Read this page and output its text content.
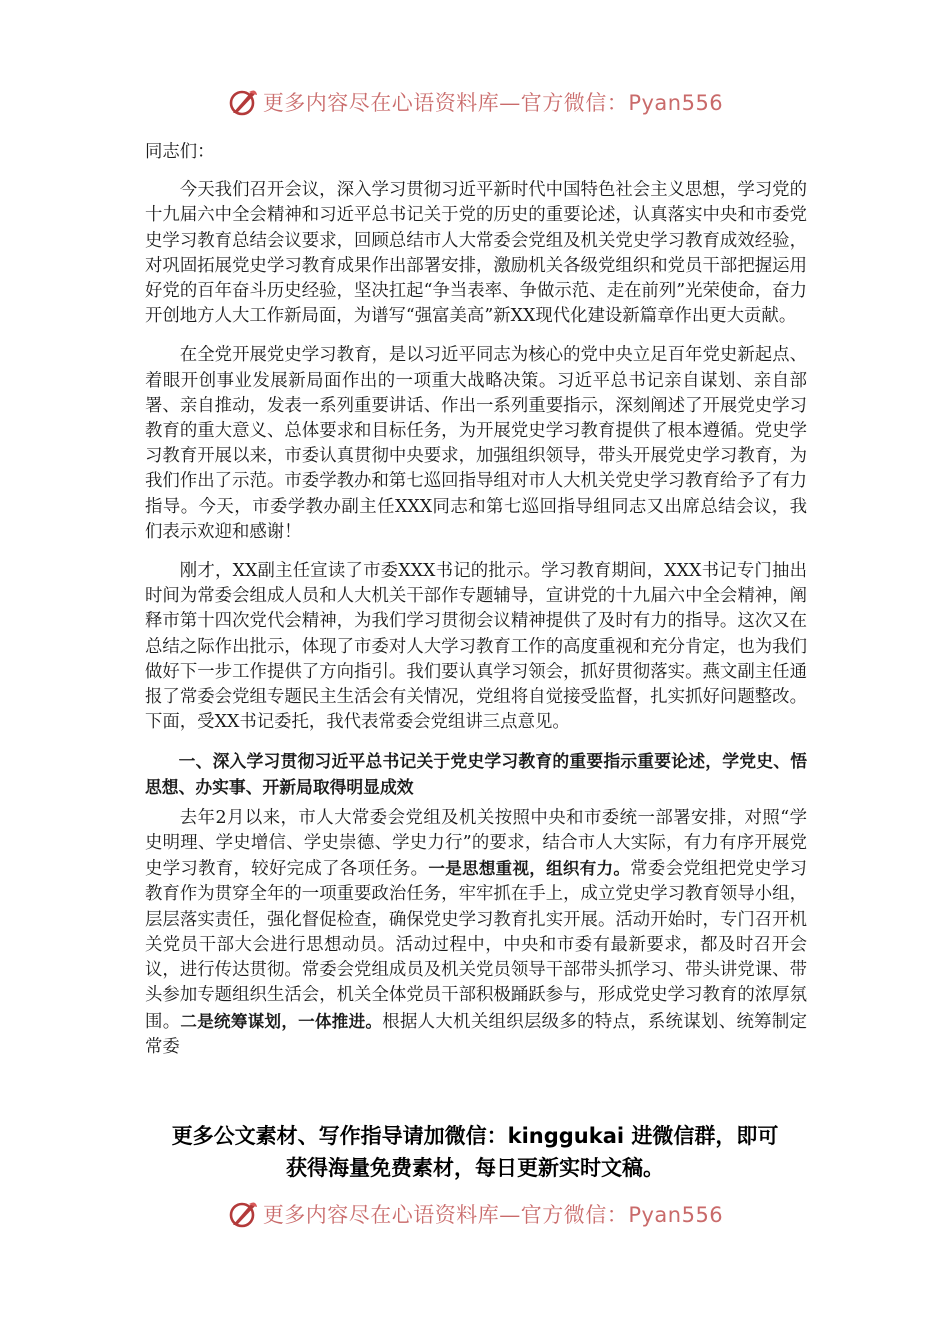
更多内容尽在心语资料库—官方微信：Pyan556

同志们：

今天我们召开会议，深入学习贯彻习近平新时代中国特色社会主义思想，学习党的十九届六中全会精神和习近平总书记关于党的历史的重要论述，认真落实中央和市委党史学习教育总结会议要求，回顾总结市人大常委会党组及机关党史学习教育成效经验，对巩固拓展党史学习教育成果作出部署安排，激励机关各级党组织和党员干部把握运用好党的百年奋斗历史经验，坚决扛起“争当表率、争做示范、走在前列”光荣使命，奋力开创地方人大工作新局面，为谱写“强富美高”新XX现代化建设新篇章作出更大贡献。

在全党开展党史学习教育，是以习近平同志为核心的党中央立足百年党史新起点、着眼开创事业发展新局面作出的一项重大战略决策。习近平总书记亲自谋划、亲自部署、亲自推动，发表一系列重要讲话、作出一系列重要指示，深刻阐述了开展党史学习教育的重大意义、总体要求和目标任务，为开展党史学习教育提供了根本遵循。党史学习教育开展以来，市委认真贯彻中央要求，加强组织领导，带头开展党史学习教育，为我们作出了示范。市委学教办和第七巡回指导组对市人大机关党史学习教育给予了有力指导。今天，市委学教办副主任XXX同志和第七巡回指导组同志又出席总结会议，我们表示欢迎和感谢！

刚才，XX副主任宣读了市委XXX书记的批示。学习教育期间，XXX书记专门抽出时间为常委会组成人员和人大机关干部作专题辅导，宣讲党的十九届六中全会精神，阐释市第十四次党代会精神，为我们学习贯彻会议精神提供了及时有力的指导。这次又在总结之际作出批示，体现了市委对人大学习教育工作的高度重视和充分肯定，也为我们做好下一步工作提供了方向指引。我们要认真学习领会，抓好贯彻落实。燕文副主任通报了常委会党组专题民主生活会有关情况，党组将自觉接受监督，扎实抓好问题整改。下面，受XX书记委托，我代表常委会党组讲三点意见。

一、深入学习贯彻习近平总书记关于党史学习教育的重要指示重要论述，学党史、悟思想、办实事、开新局取得明显成效

去年2月以来，市人大常委会党组及机关按照中央和市委统一部署安排，对照“学史明理、学史增信、学史崇德、学史力行”的要求，结合市人大实际，有力有序开展党史学习教育，较好完成了各项任务。一是思想重视，组织有力。常委会党组把党史学习教育作为贯穿全年的一项重要政治任务，牢牢抓在手上，成立党史学习教育领导小组，层层落实责任，强化督促检查，确保党史学习教育扎实开展。活动开始时，专门召开机关党员干部大会进行思想动员。活动过程中，中央和市委有最新要求，都及时召开会议，进行传达贯彻。常委会党组成员及机关党员领导干部带头抓学习、带头讲党课、带头参加专题组织生活会，机关全体党员干部积极踊跃参与，形成党史学习教育的浓厚氛围。二是统筹谋划，一体推进。根据人大机关组织层级多的特点，系统谋划、统筹制定常委

更多公文素材、写作指导请加微信：kinggukai 进微信群，即可
获得海量免费素材，每日更新实时文稿。
更多内容尽在心语资料库—官方微信：Pyan556
